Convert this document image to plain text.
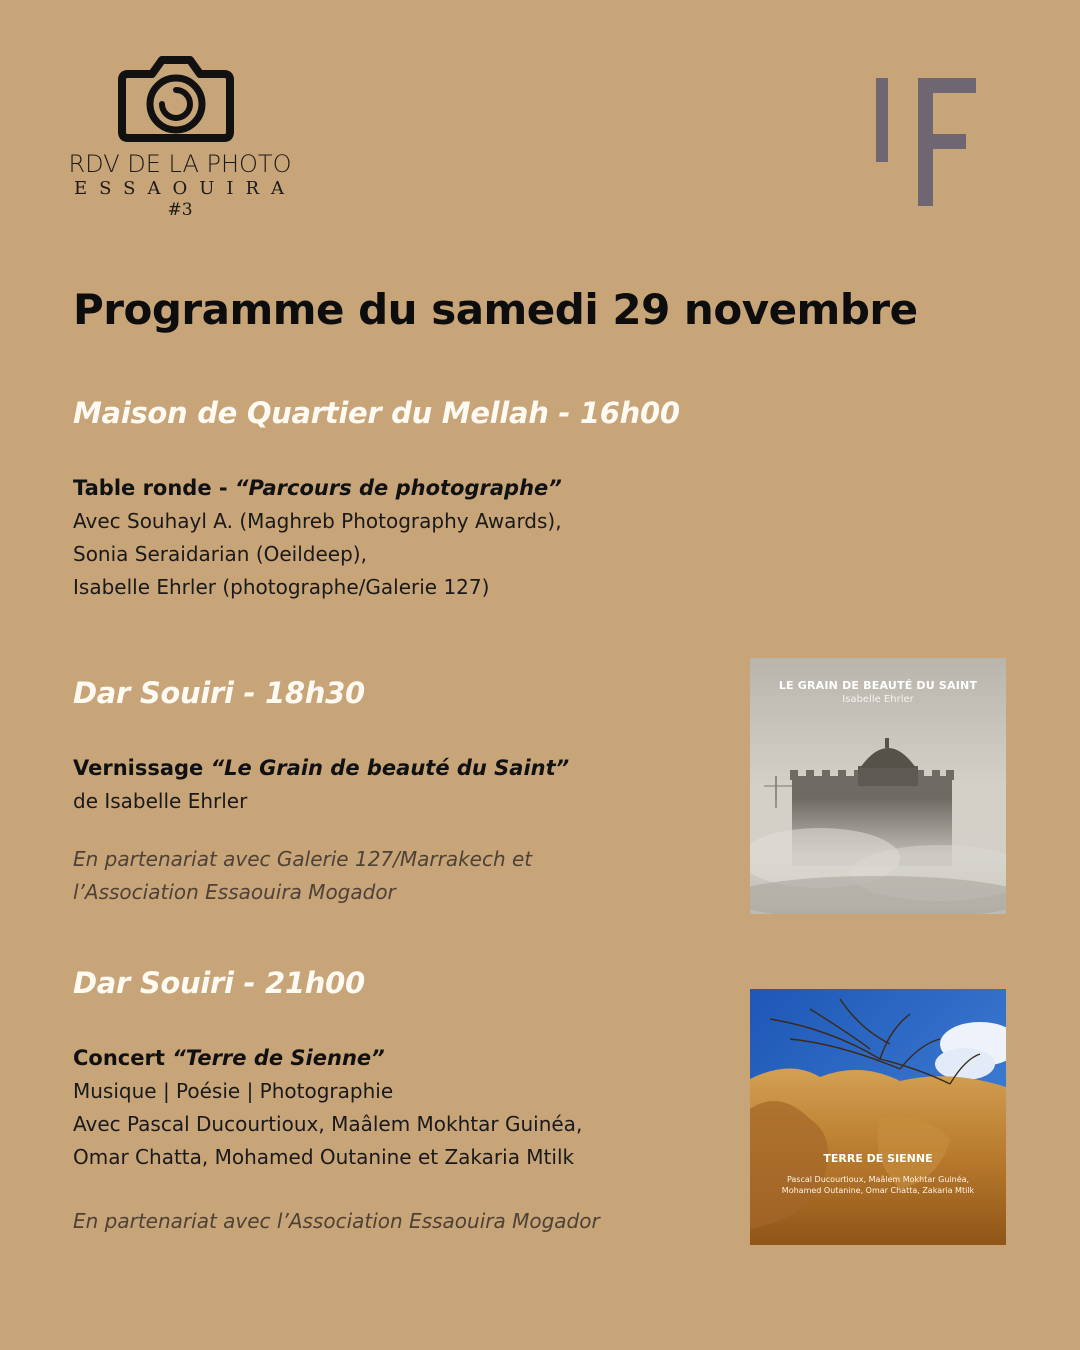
RDV DE LA PHOTO
ESSAOUIRA
#3
Programme du samedi 29 novembre
Maison de Quartier du Mellah - 16h00
Table ronde - “Parcours de photographe”
Avec Souhayl A. (Maghreb Photography Awards),
Sonia Seraidarian (Oeildeep),
Isabelle Ehrler (photographe/Galerie 127)
Dar Souiri - 18h30
Vernissage “Le Grain de beauté du Saint”
de Isabelle Ehrler
En partenariat avec Galerie 127/Marrakech et
l’Association Essaouira Mogador
Dar Souiri - 21h00
Concert “Terre de Sienne”
Musique | Poésie | Photographie
Avec Pascal Ducourtioux, Maâlem Mokhtar Guinéa,
Omar Chatta, Mohamed Outanine et Zakaria Mtilk
En partenariat avec l’Association Essaouira Mogador
LE GRAIN DE BEAUTÉ DU SAINT
Isabelle Ehrler
TERRE DE SIENNE
Pascal Ducourtioux, Maâlem Mokhtar Guinéa,
Mohamed Outanine, Omar Chatta, Zakaria Mtilk
